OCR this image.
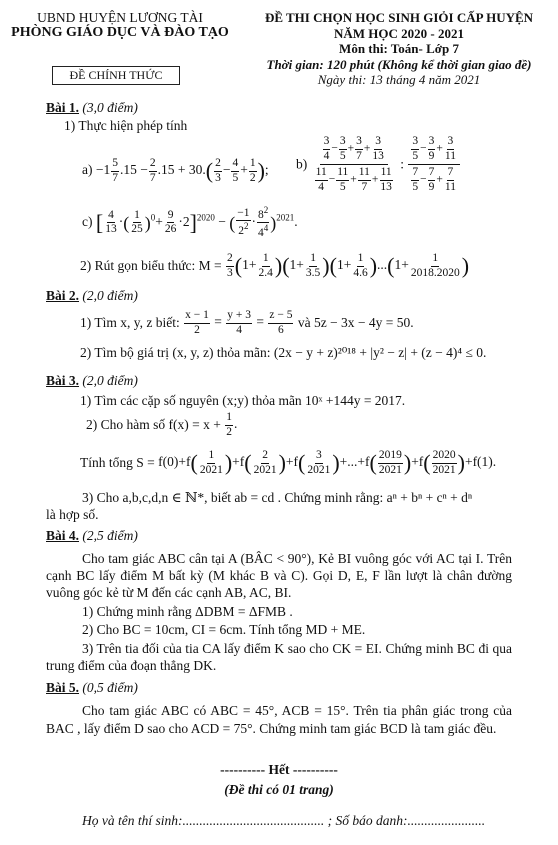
UBND HUYỆN LƯƠNG TÀI
PHÒNG GIÁO DỤC VÀ ĐÀO TẠO
ĐỀ CHÍNH THỨC
ĐỀ THI CHỌN HỌC SINH GIỎI CẤP HUYỆN
NĂM HỌC 2020 - 2021
Môn thi: Toán- Lớp 7
Thời gian: 120 phút (Không kể thời gian giao đề)
Ngày thi: 13 tháng 4 năm 2021
Bài 1. (3,0 điểm)
1) Thực hiện phép tính
$a) -1 \frac{5}{7} .15 - \frac{2}{7} .15 + 30.( \frac{2}{3} - \frac{4}{5} + \frac{1}{2}$ ); $b) \frac{\frac{3}{4} - \frac{3}{5} + \frac{3}{7} + \frac{3}{13}}{\frac{11}{4} - \frac{11}{5} + \frac{11}{7} + \frac{11}{13}}$ : $\frac{\frac{3}{5} - \frac{3}{9} + \frac{3}{11}}{\frac{7}{5} - \frac{7}{9} + \frac{7}{11}}$
c) [ $\frac{4}{13}$ ·( $\frac{1}{25} )^0+ \frac{9}{26} \cdot 2]^{2020}$ − ( $\frac{-1}{2^2} \cdot \frac{8^2}{4^4} )^{2021}$.
2) Rút gọn biểu thức: $M = \frac{2}{3} (1+ \frac{1}{2.4} )(1+ \frac{1}{3.5} )(1+ \frac{1}{4.6} )...(1+ \frac{1}{2018.2020}$ )
Bài 2. (2,0 điểm)
1) Tìm x, y, z biết: $\frac{x - 1}{2} = \frac{y + 3}{4} = \frac{z - 5}{6}$ và 5z − 3x − 4y = 50.
2) Tìm bộ giá trị (x, y, z) thỏa mãn: (2x − y + z)²⁰¹⁸ + |y² − z| + (z − 4)⁴ ≤ 0.
Bài 3. (2,0 điểm)
1) Tìm các cặp số nguyên (x;y) thỏa mãn 10ˣ +144y = 2017.
2) Cho hàm số $f(x) = x + \frac{1}{2}$ .
Tính tổng $S = f(0)+f( \frac{1}{2021} )+f( \frac{2}{2021} )+f( \frac{3}{2021} )+...+f( \frac{2019}{2021} )+f( \frac{2020}{2021} )+f(1)$.
3) Cho a,b,c,d,n ∈ ℕ*, biết ab = cd . Chứng minh rằng: aⁿ + bⁿ + cⁿ + dⁿ
là hợp số.
Bài 4. (2,5 điểm)
Cho tam giác ABC cân tại A (BÂC < 90°), Kẻ BI vuông góc với AC tại I. Trên cạnh BC lấy điểm M bất kỳ (M khác B và C). Gọi D, E, F lần lượt là chân đường vuông góc kẻ từ M đến các cạnh AB, AC, BI.
1) Chứng minh rằng ΔDBM = ΔFMB .
2) Cho BC = 10cm, CI = 6cm. Tính tổng MD + ME.
3) Trên tia đối của tia CA lấy điểm K sao cho CK = EI. Chứng minh BC đi qua trung điểm của đoạn thẳng DK.
Bài 5. (0,5 điểm)
Cho tam giác ABC có ABC = 45°, ACB = 15°. Trên tia phân giác trong của BAC , lấy điểm D sao cho ACD = 75°. Chứng minh tam giác BCD là tam giác đều.
---------- Hết ----------
(Đề thi có 01 trang)
Họ và tên thí sinh:.......................................... ; Số báo danh:.......................
